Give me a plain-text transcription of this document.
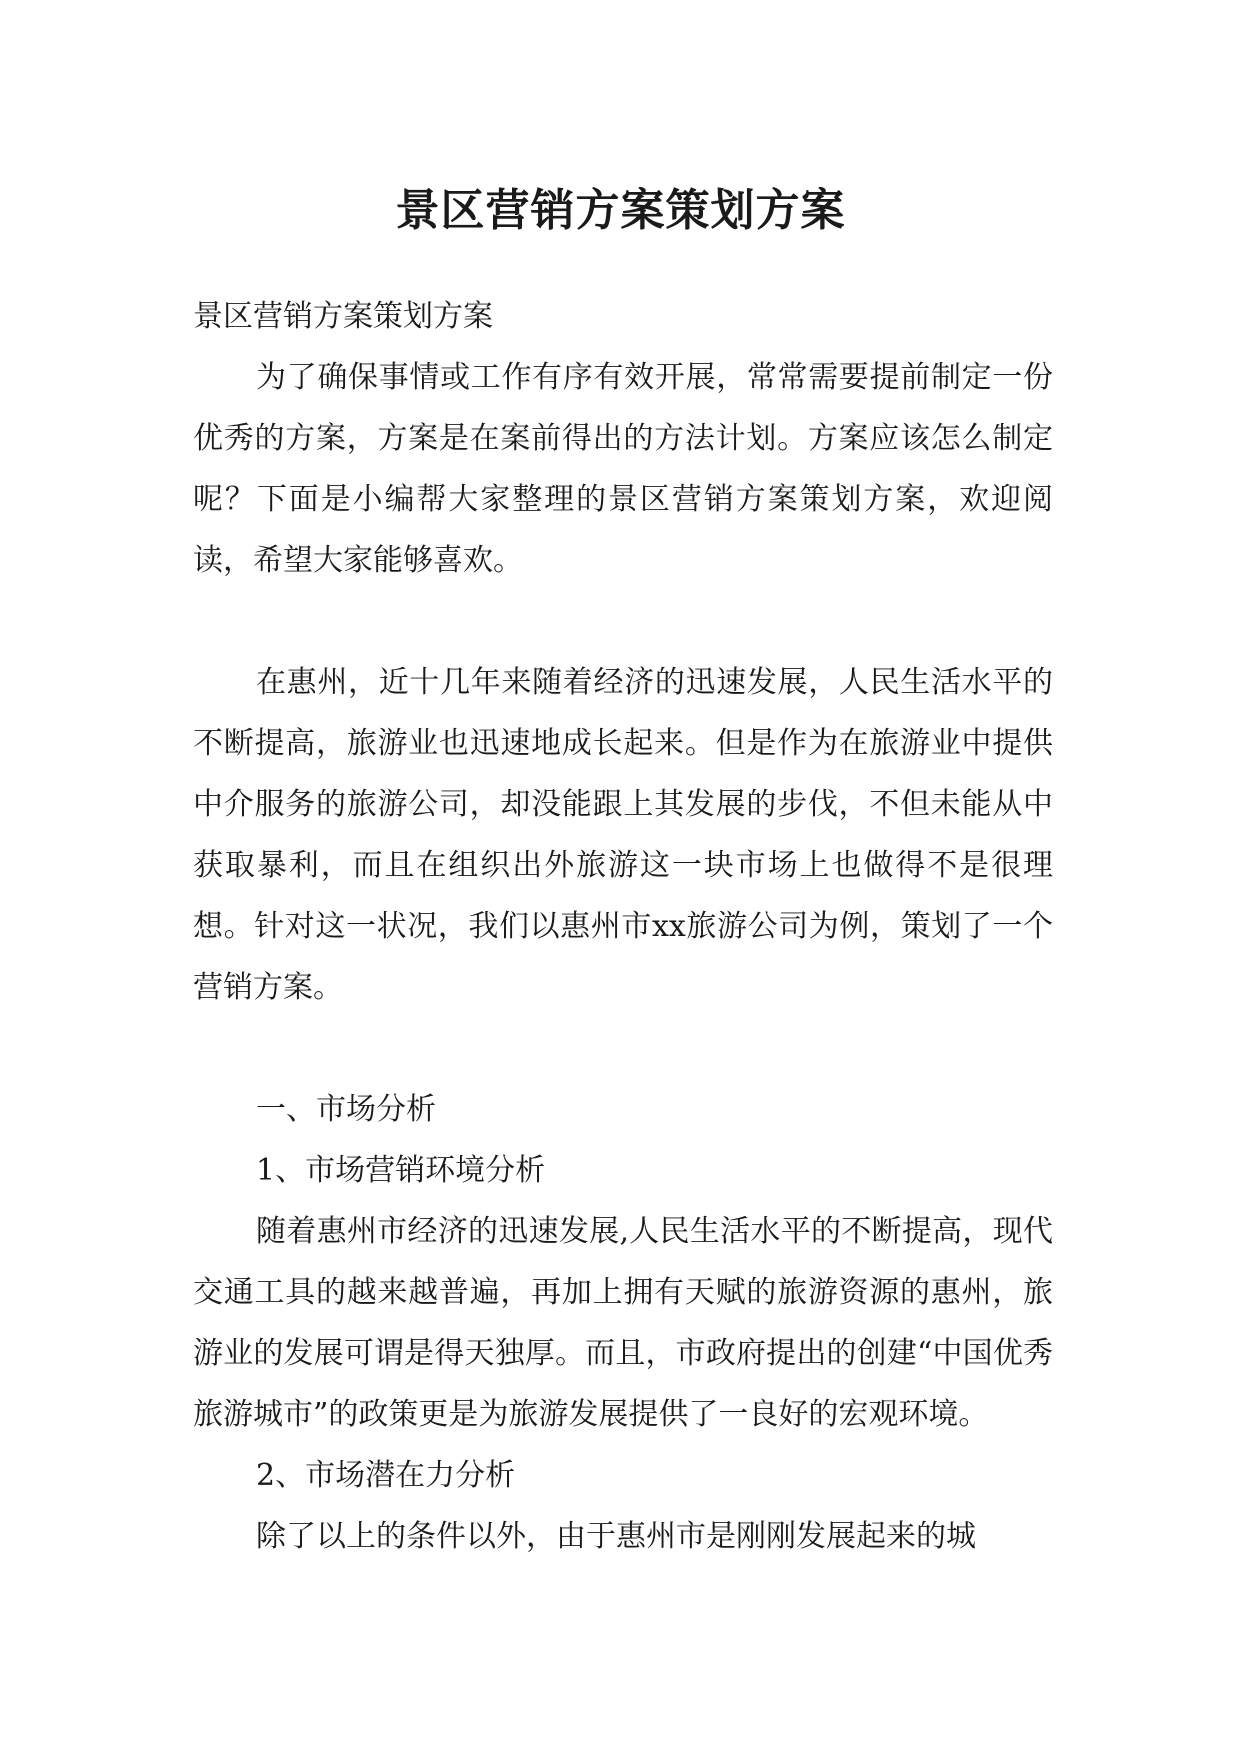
景区营销方案策划方案

景区营销方案策划方案

为了确保事情或工作有序有效开展，常常需要提前制定一份优秀的方案，方案是在案前得出的方法计划。方案应该怎么制定呢？下面是小编帮大家整理的景区营销方案策划方案，欢迎阅读，希望大家能够喜欢。

在惠州，近十几年来随着经济的迅速发展，人民生活水平的不断提高，旅游业也迅速地成长起来。但是作为在旅游业中提供中介服务的旅游公司，却没能跟上其发展的步伐，不但未能从中获取暴利，而且在组织出外旅游这一块市场上也做得不是很理想。针对这一状况，我们以惠州市xx旅游公司为例，策划了一个营销方案。

一、市场分析

1、市场营销环境分析

随着惠州市经济的迅速发展,人民生活水平的不断提高，现代交通工具的越来越普遍，再加上拥有天赋的旅游资源的惠州，旅游业的发展可谓是得天独厚。而且，市政府提出的创建“中国优秀旅游城市”的政策更是为旅游发展提供了一良好的宏观环境。

2、市场潜在力分析

除了以上的条件以外，由于惠州市是刚刚发展起来的城
